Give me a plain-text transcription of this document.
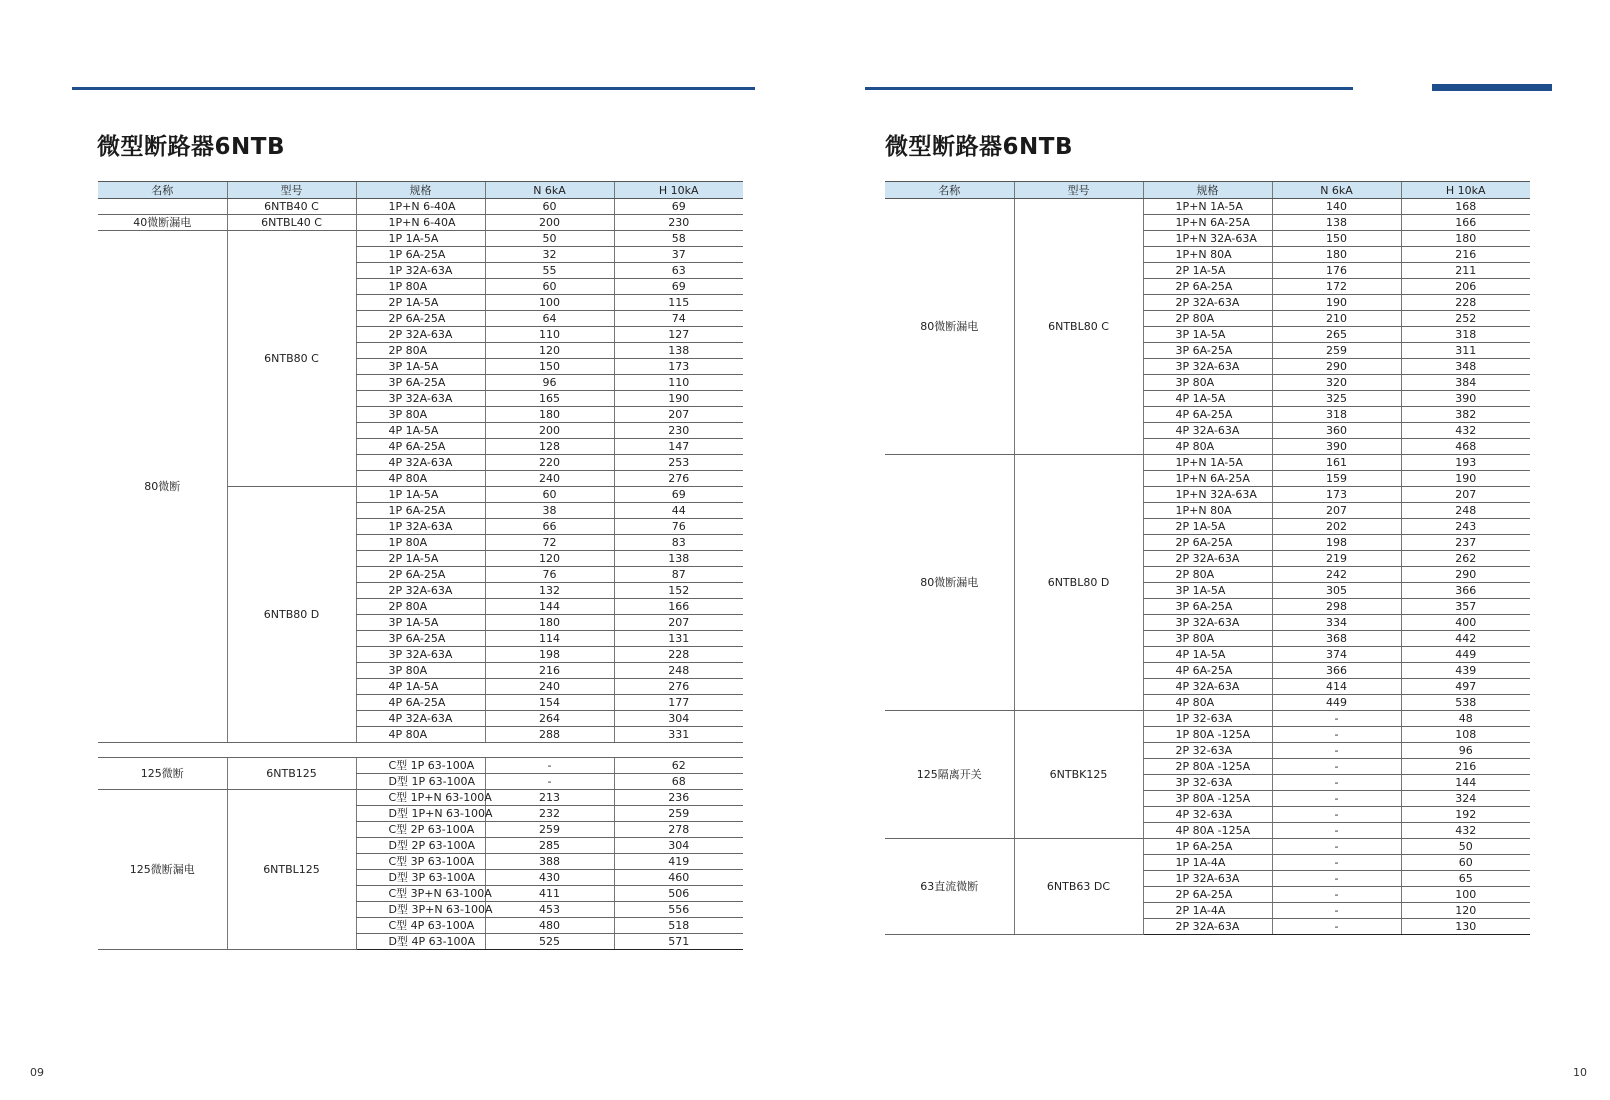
微型断路器6NTB
名称	型号	规格	N 6kA	H 10kA
	6NTB40 C	1P+N 6-40A	60	69
40微断漏电	6NTBL40 C	1P+N 6-40A	200	230
80微断	6NTB80 C	1P 1A-5A	50	58
		1P 6A-25A	32	37
		1P 32A-63A	55	63
		1P 80A	60	69
		2P 1A-5A	100	115
		2P 6A-25A	64	74
		2P 32A-63A	110	127
		2P 80A	120	138
		3P 1A-5A	150	173
		3P 6A-25A	96	110
		3P 32A-63A	165	190
		3P 80A	180	207
		4P 1A-5A	200	230
		4P 6A-25A	128	147
		4P 32A-63A	220	253
		4P 80A	240	276
	6NTB80 D	1P 1A-5A	60	69
		1P 6A-25A	38	44
		1P 32A-63A	66	76
		1P 80A	72	83
		2P 1A-5A	120	138
		2P 6A-25A	76	87
		2P 32A-63A	132	152
		2P 80A	144	166
		3P 1A-5A	180	207
		3P 6A-25A	114	131
		3P 32A-63A	198	228
		3P 80A	216	248
		4P 1A-5A	240	276
		4P 6A-25A	154	177
		4P 32A-63A	264	304
		4P 80A	288	331

125微断	6NTB125	C型 1P 63-100A	-	62
		D型 1P 63-100A	-	68
125微断漏电	6NTBL125	C型 1P+N 63-100A	213	236
		D型 1P+N 63-100A	232	259
		C型 2P 63-100A	259	278
		D型 2P 63-100A	285	304
		C型 3P 63-100A	388	419
		D型 3P 63-100A	430	460
		C型 3P+N 63-100A	411	506
		D型 3P+N 63-100A	453	556
		C型 4P 63-100A	480	518
		D型 4P 63-100A	525	571
09
微型断路器6NTB
名称	型号	规格	N 6kA	H 10kA
80微断漏电	6NTBL80 C	1P+N 1A-5A	140	168
		1P+N 6A-25A	138	166
		1P+N 32A-63A	150	180
		1P+N 80A	180	216
		2P 1A-5A	176	211
		2P 6A-25A	172	206
		2P 32A-63A	190	228
		2P 80A	210	252
		3P 1A-5A	265	318
		3P 6A-25A	259	311
		3P 32A-63A	290	348
		3P 80A	320	384
		4P 1A-5A	325	390
		4P 6A-25A	318	382
		4P 32A-63A	360	432
		4P 80A	390	468
80微断漏电	6NTBL80 D	1P+N 1A-5A	161	193
		1P+N 6A-25A	159	190
		1P+N 32A-63A	173	207
		1P+N 80A	207	248
		2P 1A-5A	202	243
		2P 6A-25A	198	237
		2P 32A-63A	219	262
		2P 80A	242	290
		3P 1A-5A	305	366
		3P 6A-25A	298	357
		3P 32A-63A	334	400
		3P 80A	368	442
		4P 1A-5A	374	449
		4P 6A-25A	366	439
		4P 32A-63A	414	497
		4P 80A	449	538
125隔离开关	6NTBK125	1P 32-63A	-	48
		1P 80A -125A	-	108
		2P 32-63A	-	96
		2P 80A -125A	-	216
		3P 32-63A	-	144
		3P 80A -125A	-	324
		4P 32-63A	-	192
		4P 80A -125A	-	432
63直流微断	6NTB63 DC	1P 6A-25A	-	50
		1P 1A-4A	-	60
		1P 32A-63A	-	65
		2P 6A-25A	-	100
		2P 1A-4A	-	120
		2P 32A-63A	-	130
10
